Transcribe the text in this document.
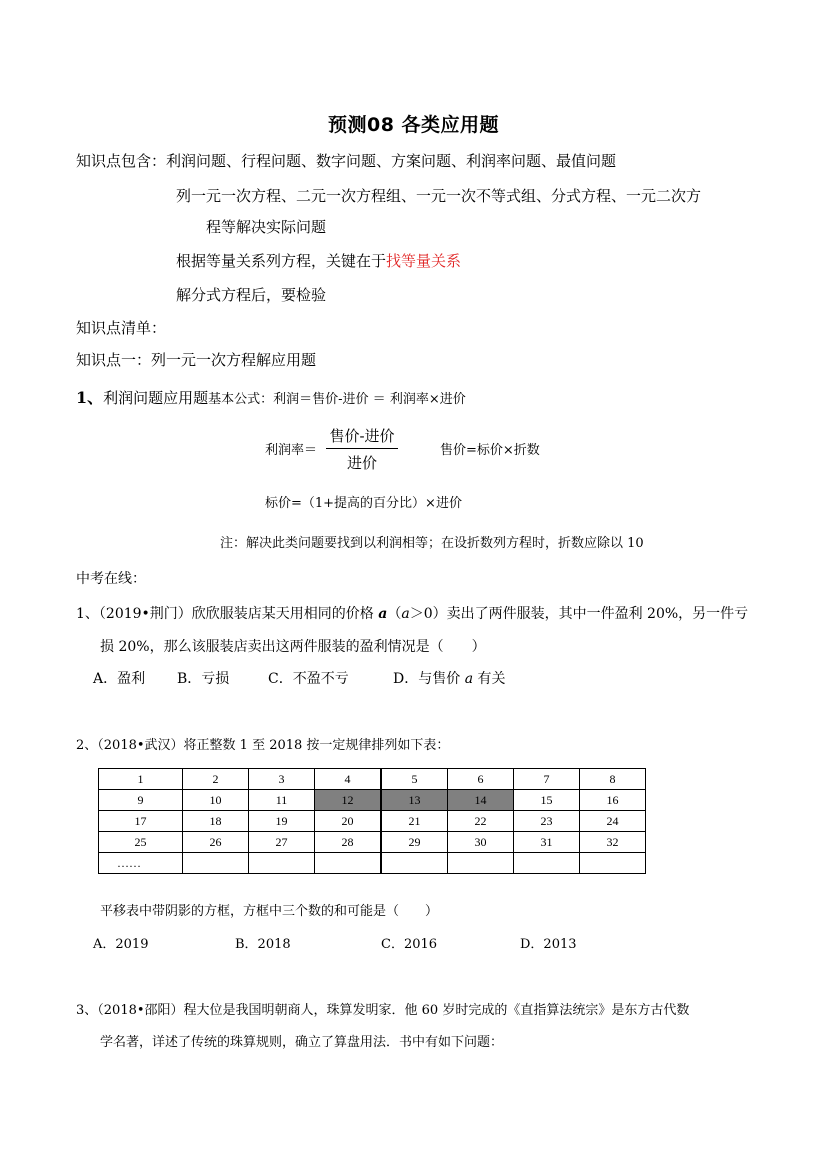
预测08 各类应用题
知识点包含：利润问题、行程问题、数字问题、方案问题、利润率问题、最值问题
列一元一次方程、二元一次方程组、一元一次不等式组、分式方程、一元二次方
程等解决实际问题
根据等量关系列方程，关键在于找等量关系
解分式方程后，要检验
知识点清单：
知识点一：列一元一次方程解应用题
1、利润问题应用题基本公式：利润＝售价-进价 ＝ 利润率×进价
利润率＝
售价-进价
进价
售价=标价×折数
标价=（1+提高的百分比）×进价
注：解决此类问题要找到以利润相等；在设折数列方程时，折数应除以 10
中考在线：
1、（2019•荆门）欣欣服装店某天用相同的价格 a（a＞0）卖出了两件服装，其中一件盈利 20%，另一件亏
损 20%，那么该服装店卖出这两件服装的盈利情况是（　　）
A．盈利 B．亏损	C．不盈不亏	D．与售价 a 有关
2、（2018•武汉）将正整数 1 至 2018 按一定规律排列如下表：
1	2	3	4	5	6	7	8
9	10	11	12	13	14	15	16
17	18	19	20	21	22	23	24
25	26	27	28	29	30	31	32
……							
平移表中带阴影的方框，方框中三个数的和可能是（　　）
A．2019	B．2018	C．2016	D．2013
3、（2018•邵阳）程大位是我国明朝商人，珠算发明家．他 60 岁时完成的《直指算法统宗》是东方古代数
学名著，详述了传统的珠算规则，确立了算盘用法．书中有如下问题：
